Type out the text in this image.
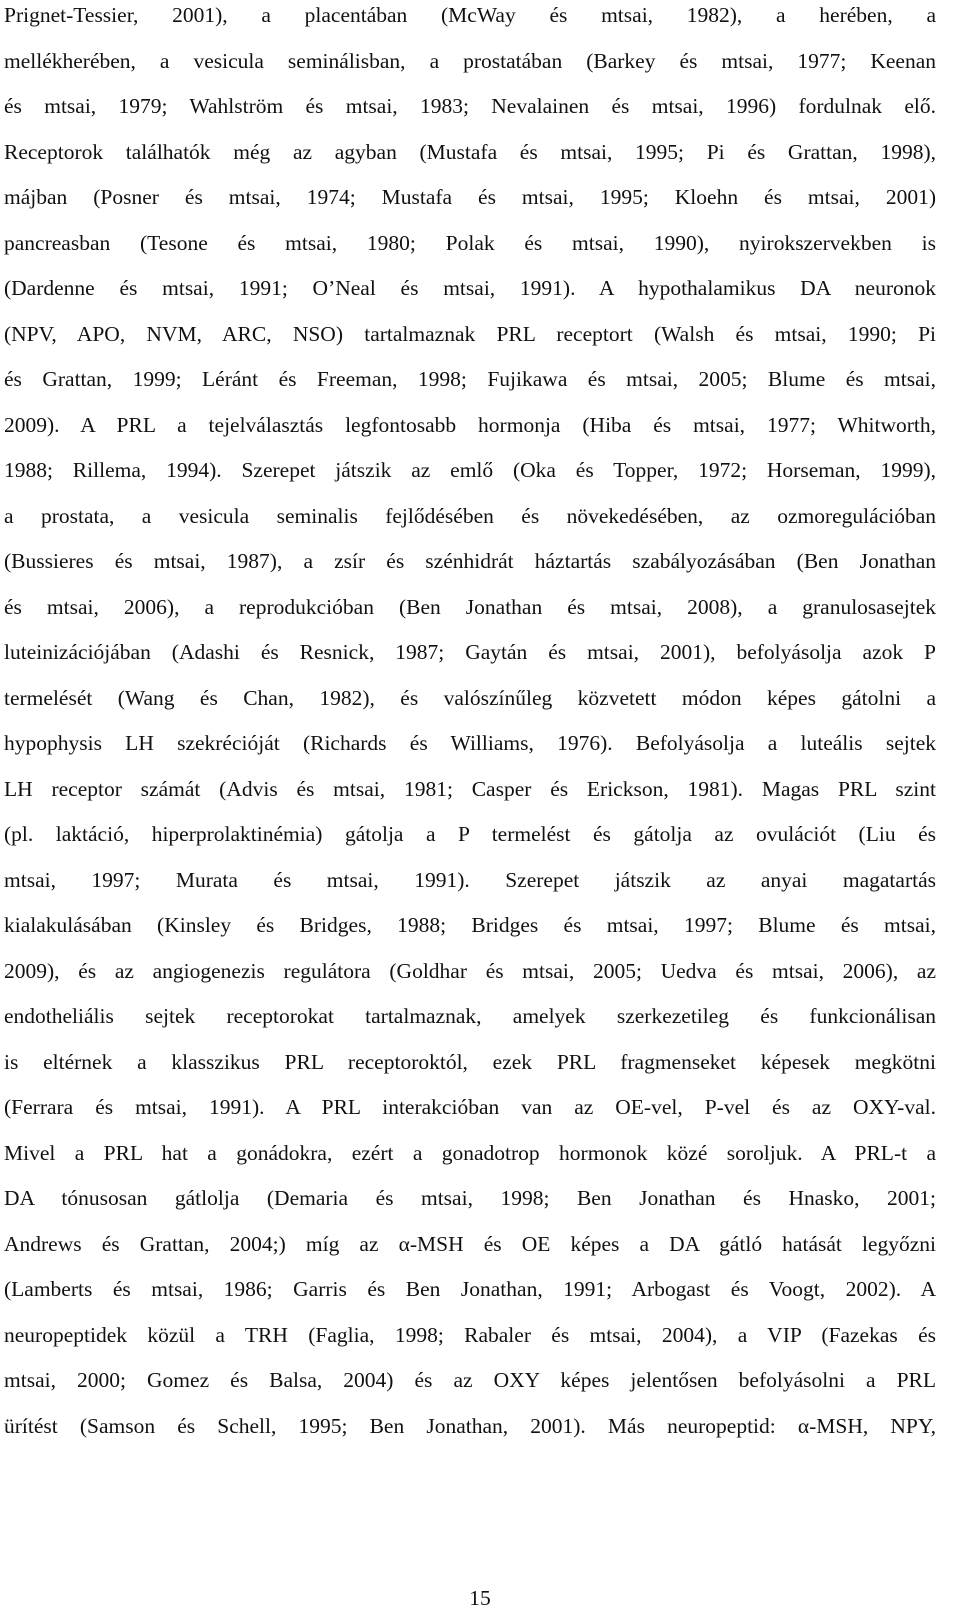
Prignet-Tessier, 2001), a placentában (McWay és mtsai, 1982), a herében, a
mellékherében, a vesicula seminálisban, a prostatában (Barkey és mtsai, 1977; Keenan
és mtsai, 1979; Wahlström és mtsai, 1983; Nevalainen és mtsai, 1996) fordulnak elő.
Receptorok találhatók még az agyban (Mustafa és mtsai, 1995; Pi és Grattan, 1998),
májban (Posner és mtsai, 1974; Mustafa és mtsai, 1995; Kloehn és mtsai, 2001)
pancreasban (Tesone és mtsai, 1980; Polak és mtsai, 1990), nyirokszervekben is
(Dardenne és mtsai, 1991; O’Neal és mtsai, 1991). A hypothalamikus DA neuronok
(NPV, APO, NVM, ARC, NSO) tartalmaznak PRL receptort (Walsh és mtsai, 1990; Pi
és Grattan, 1999; Léránt és Freeman, 1998; Fujikawa és mtsai, 2005; Blume és mtsai,
2009). A PRL a tejelválasztás legfontosabb hormonja (Hiba és mtsai, 1977; Whitworth,
1988; Rillema, 1994). Szerepet játszik az emlő (Oka és Topper, 1972; Horseman, 1999),
a prostata, a vesicula seminalis fejlődésében és növekedésében, az ozmoregulációban
(Bussieres és mtsai, 1987), a zsír és szénhidrát háztartás szabályozásában (Ben Jonathan
és mtsai, 2006), a reprodukcióban (Ben Jonathan és mtsai, 2008), a granulosasejtek
luteinizációjában (Adashi és Resnick, 1987; Gaytán és mtsai, 2001), befolyásolja azok P
termelését (Wang és Chan, 1982), és valószínűleg közvetett módon képes gátolni a
hypophysis LH szekrécióját (Richards és Williams, 1976). Befolyásolja a luteális sejtek
LH receptor számát (Advis és mtsai, 1981; Casper és Erickson, 1981). Magas PRL szint
(pl. laktáció, hiperprolaktinémia) gátolja a P termelést és gátolja az ovulációt (Liu és
mtsai, 1997; Murata és mtsai, 1991). Szerepet játszik az anyai magatartás
kialakulásában (Kinsley és Bridges, 1988; Bridges és mtsai, 1997; Blume és mtsai,
2009), és az angiogenezis regulátora (Goldhar és mtsai, 2005; Uedva és mtsai, 2006), az
endotheliális sejtek receptorokat tartalmaznak, amelyek szerkezetileg és funkcionálisan
is eltérnek a klasszikus PRL receptoroktól, ezek PRL fragmenseket képesek megkötni
(Ferrara és mtsai, 1991). A PRL interakcióban van az OE-vel, P-vel és az OXY-val.
Mivel a PRL hat a gonádokra, ezért a gonadotrop hormonok közé soroljuk. A PRL-t a
DA tónusosan gátlolja (Demaria és mtsai, 1998; Ben Jonathan és Hnasko, 2001;
Andrews és Grattan, 2004;) míg az α-MSH és OE képes a DA gátló hatását legyőzni
(Lamberts és mtsai, 1986; Garris és Ben Jonathan, 1991; Arbogast és Voogt, 2002). A
neuropeptidek közül a TRH (Faglia, 1998; Rabaler és mtsai, 2004), a VIP (Fazekas és
mtsai, 2000; Gomez és Balsa, 2004) és az OXY képes jelentősen befolyásolni a PRL
ürítést (Samson és Schell, 1995; Ben Jonathan, 2001). Más neuropeptid: α-MSH, NPY,
15
